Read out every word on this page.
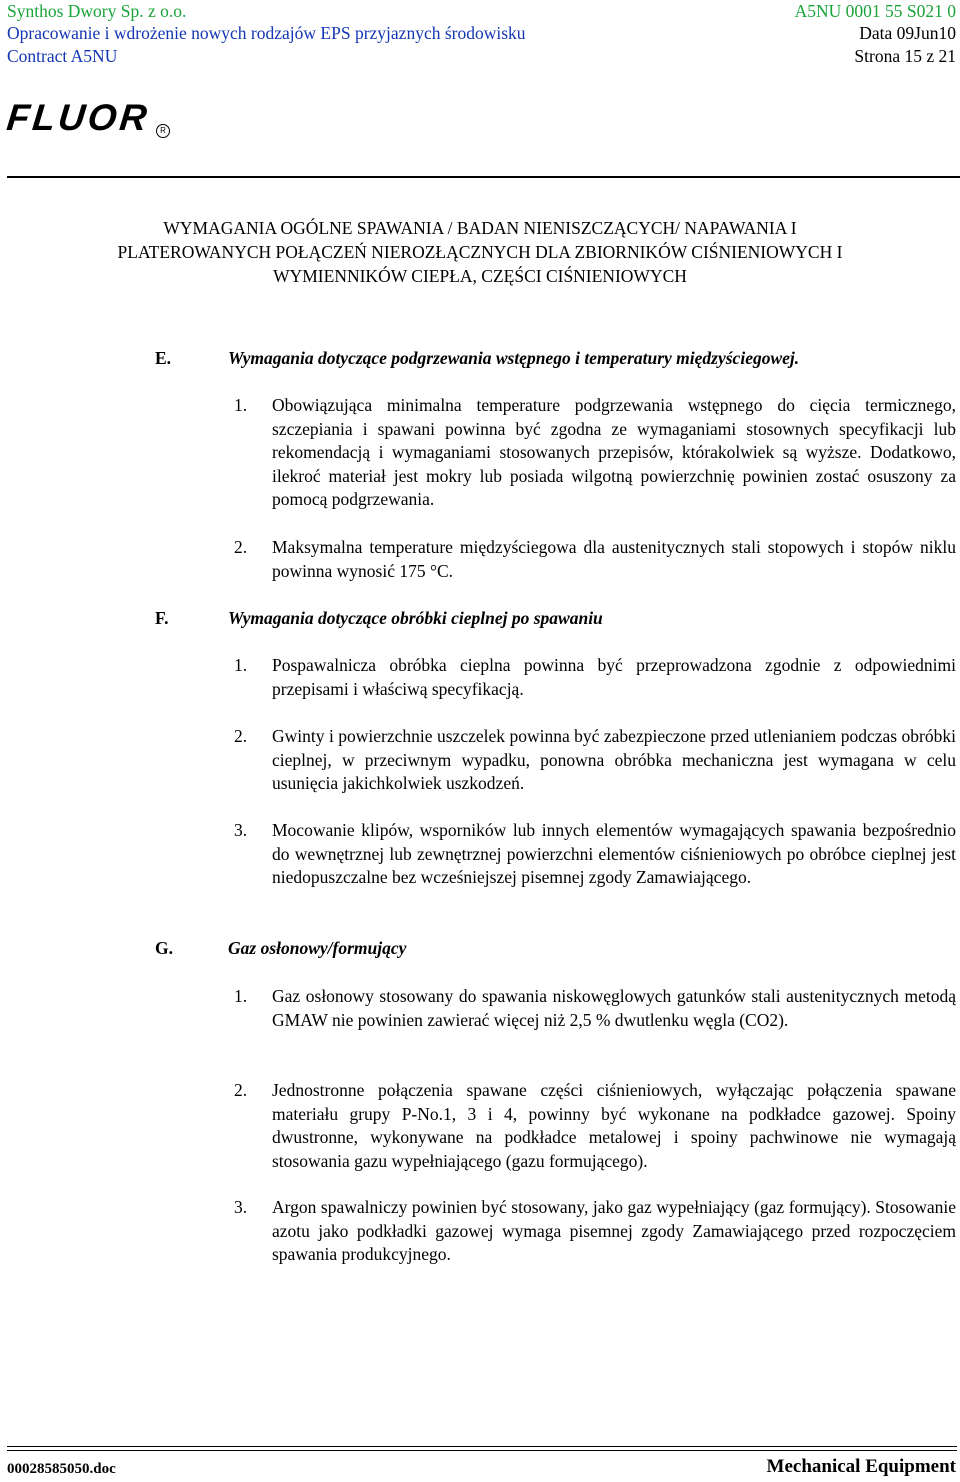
Synthos Dwory Sp. z o.o.	A5NU 0001 55 S021 0
Opracowanie i wdrożenie nowych rodzajów EPS przyjaznych środowisku	Data 09Jun10
Contract A5NU	Strona 15 z 21
FLUOR	R
WYMAGANIA OGÓLNE SPAWANIA / BADAN NIENISZCZĄCYCH/ NAPAWANIA I
PLATEROWANYCH POŁĄCZEŃ NIEROZŁĄCZNYCH DLA ZBIORNIKÓW CIŚNIENIOWYCH I
WYMIENNIKÓW CIEPŁA, CZĘŚCI CIŚNIENIOWYCH
E.	Wymagania dotyczące podgrzewania wstępnego i temperatury międzyściegowej.
1. Obowiązująca minimalna temperature podgrzewania wstępnego do cięcia termicznego, szczepiania i spawani powinna być zgodna ze wymaganiami stosownych specyfikacji lub rekomendacją i wymaganiami stosowanych przepisów, którakolwiek są wyższe. Dodatkowo, ilekroć materiał jest mokry lub posiada wilgotną powierzchnię powinien zostać osuszony za pomocą podgrzewania.
2. Maksymalna temperature międzyściegowa dla austenitycznych stali stopowych i stopów niklu powinna wynosić 175 °C.
F.	Wymagania dotyczące obróbki cieplnej po spawaniu
1. Pospawalnicza obróbka cieplna powinna być przeprowadzona zgodnie z odpowiednimi przepisami i właściwą specyfikacją.
2. Gwinty i powierzchnie uszczelek powinna być zabezpieczone przed utlenianiem podczas obróbki cieplnej, w przeciwnym wypadku, ponowna obróbka mechaniczna jest wymagana w celu usunięcia jakichkolwiek uszkodzeń.
3. Mocowanie klipów, wsporników lub innych elementów wymagających spawania bezpośrednio do wewnętrznej lub zewnętrznej powierzchni elementów ciśnieniowych po obróbce cieplnej jest niedopuszczalne bez wcześniejszej pisemnej zgody Zamawiającego.
G.	Gaz osłonowy/formujący
1. Gaz osłonowy stosowany do spawania niskowęglowych gatunków stali austenitycznych metodą GMAW nie powinien zawierać więcej niż 2,5 % dwutlenku węgla (CO2).
2. Jednostronne połączenia spawane części ciśnieniowych, wyłączając połączenia spawane materiału grupy P-No.1, 3 i 4, powinny być wykonane na podkładce gazowej. Spoiny dwustronne, wykonywane na podkładce metalowej i spoiny pachwinowe nie wymagają stosowania gazu wypełniającego (gazu formującego).
3. Argon spawalniczy powinien być stosowany, jako gaz wypełniający (gaz formujący). Stosowanie azotu jako podkładki gazowej wymaga pisemnej zgody Zamawiającego przed rozpoczęciem spawania produkcyjnego.
00028585050.doc	Mechanical Equipment
